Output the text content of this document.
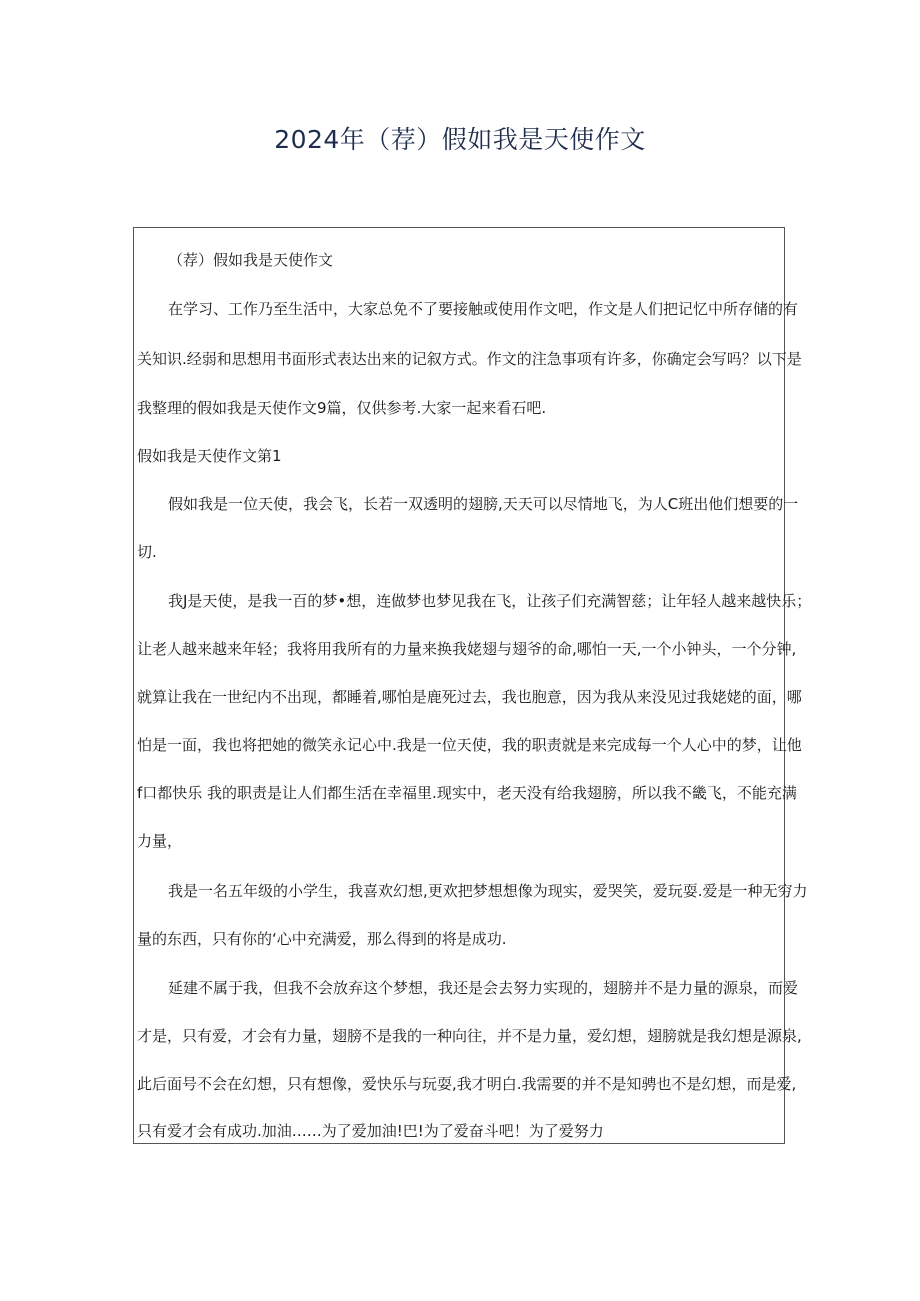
2024年（荐）假如我是天使作文
（荐）假如我是天使作文
在学习、工作乃至生活中，大家总免不了要接触或使用作文吧，作文是人们把记忆中所存储的有
关知识.经弱和思想用书面形式表达出来的记叙方式。作文的注急事项有许多，你确定会写吗？以下是
我整理的假如我是天使作文9篇，仅供参考.大家一起来看石吧.
假如我是天使作文第1
假如我是一位天使，我会飞，长若一双透明的翅膀,天天可以尽情地飞，为人C班出他们想要的一
切.
我J是天使，是我一百的梦•想，连做梦也梦见我在飞，让孩子们充满智慈；让年轻人越来越快乐；
让老人越来越来年轻；我将用我所有的力量来换我姥翅与翅爷的命,哪怕一天,一个小钟头，一个分钟,
就算让我在一世纪内不出现，都睡着,哪怕是鹿死过去，我也胞意，因为我从来没见过我姥姥的面，哪
怕是一面，我也将把她的微笑永记心中.我是一位天使，我的职责就是来完成每一个人心中的梦，让他
f口都快乐 我的职责是让人们都生活在幸福里.现实中，老天没有给我翅膀，所以我不畿飞，不能充满
力量，
我是一名五年级的小学生，我喜欢幻想,更欢把梦想想像为现实，爱哭笑，爱玩耍.爱是一种无穷力
量的东西，只有你的‘心中充满爱，那么得到的将是成功.
延建不属于我，但我不会放弃这个梦想，我还是会去努力实现的，翅膀并不是力量的源泉，而爱
才是，只有爱，才会有力量，翅膀不是我的一种向往，并不是力量，爱幻想，翅膀就是我幻想是源泉,
此后面号不会在幻想，只有想像，爱快乐与玩耍,我才明白.我需要的并不是知骋也不是幻想，而是爱,
只有爱才会有成功.加油……为了爱加油!巴!为了爱奋斗吧！为了爱努力
